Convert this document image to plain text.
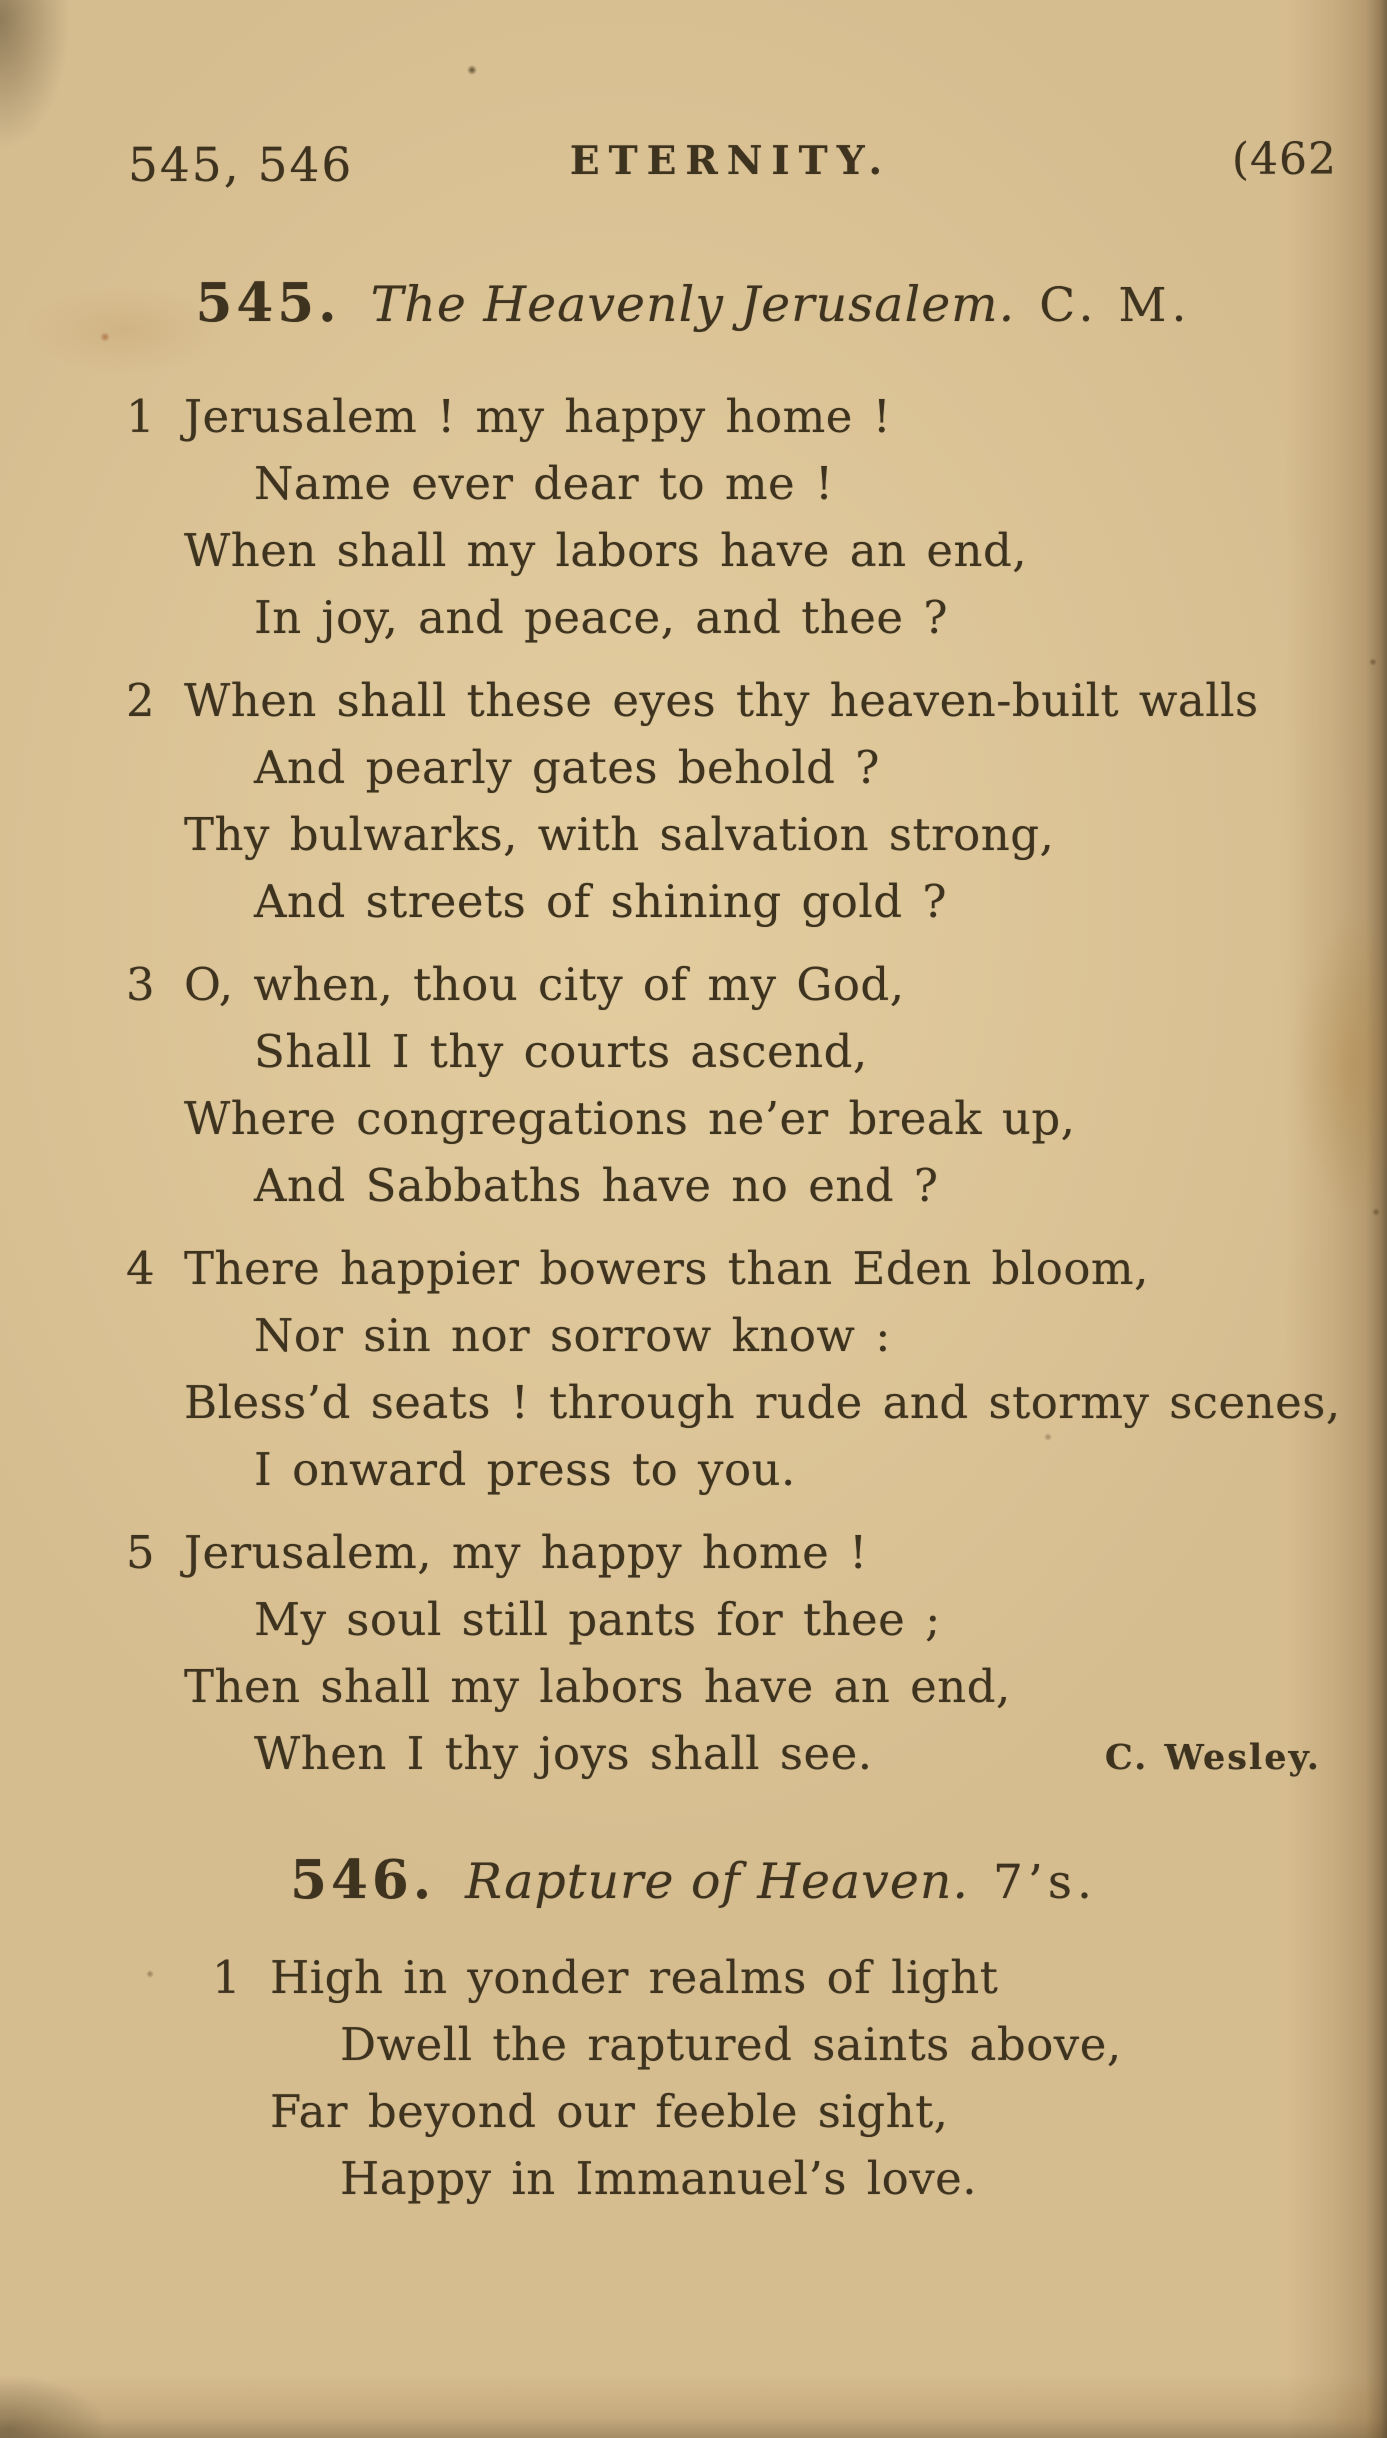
545, 546	ETERNITY.	(462
545. The Heavenly Jerusalem. C. M.
1 Jerusalem ! my happy home !
Name ever dear to me !
When shall my labors have an end,
In joy, and peace, and thee ?
2 When shall these eyes thy heaven-built walls
And pearly gates behold ?
Thy bulwarks, with salvation strong,
And streets of shining gold ?
3 O, when, thou city of my God,
Shall I thy courts ascend,
Where congregations ne’er break up,
And Sabbaths have no end ?
4 There happier bowers than Eden bloom,
Nor sin nor sorrow know :
Bless’d seats ! through rude and stormy scenes,
I onward press to you.
5 Jerusalem, my happy home !
My soul still pants for thee ;
Then shall my labors have an end,
When I thy joys shall see.	C. Wesley.
546. Rapture of Heaven. 7’s.
1 High in yonder realms of light
Dwell the raptured saints above,
Far beyond our feeble sight,
Happy in Immanuel’s love.
